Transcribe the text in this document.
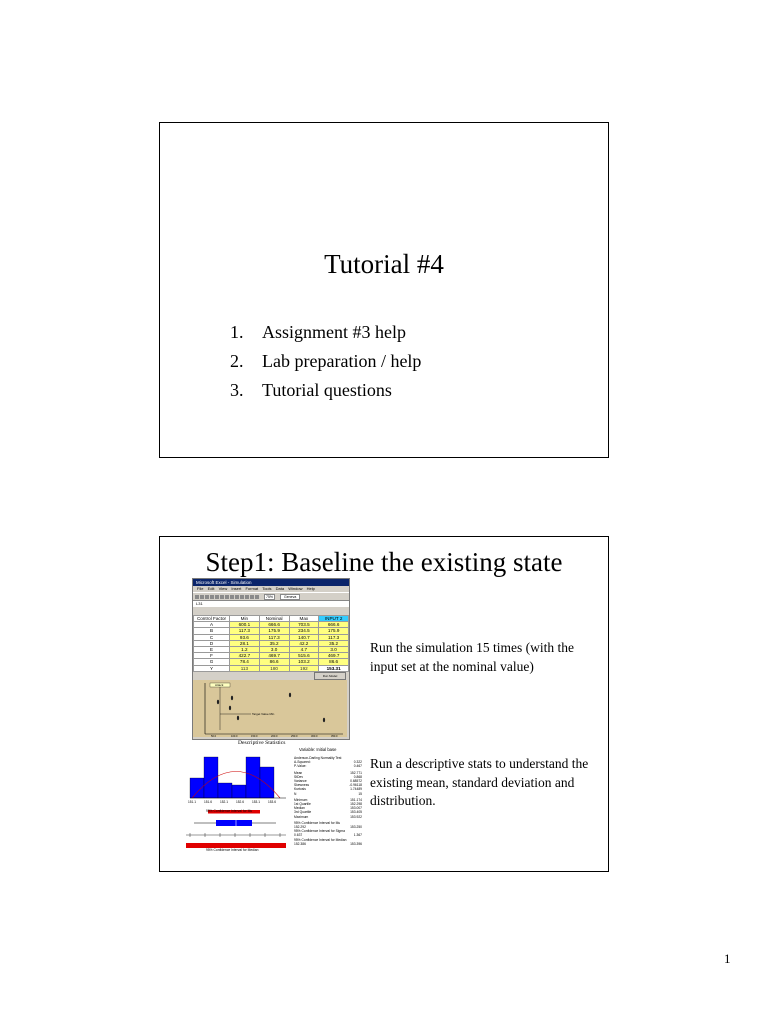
Tutorial #4
1. Assignment #3 help
2. Lab preparation / help
3. Tutorial questions
Step1: Baseline the existing state
Microsoft Excel - Simulation
File Edit View Insert Format Tools Data Window Help
75%	Geneva
L31
Control Factor	Min	Nominal	Max	INPUT 2
A	600.1	666.6	703.5	666.6
B	117.3	175.9	234.5	175.9
C	93.6	117.3	140.7	117.3
D	28.1	35.2	42.2	35.2
E	1.2	3.0	4.7	3.0
F	422.7	469.7	515.6	469.7
G	78.4	86.6	103.2	86.6
Y	113	180	192	153.31
Run Model
Attack
Target Value Min
50.0	100.0	150.0	200.0	250.0	300.0	350.0
Descriptive Statistics
Variable: Initial base
151.1	151.6	152.1	152.6	153.1	153.6
95% Confidence Interval for Mu
95% Confidence Interval for Median
Anderson-Darling Normality Test
A-Squared:	0.322
P-Value:	0.467
Mean	152.771
StDev	0.868
Variance	0.68572
Skewness	-0.96118
Kurtosis	1.74489
N	15
Minimum	151.174
1st Quartile	152.298
Median	153.007
3rd Quartile	153.405
Maximum	153.922
95% Confidence Interval for Mu
152.292	153.250
95% Confidence Interval for Sigma
0.637	1.367
95% Confidence Interval for Median
152.386	153.396
Run the simulation 15 times (with the input set at the nominal value)
Run a descriptive stats to understand the existing mean, standard deviation and distribution.
1
